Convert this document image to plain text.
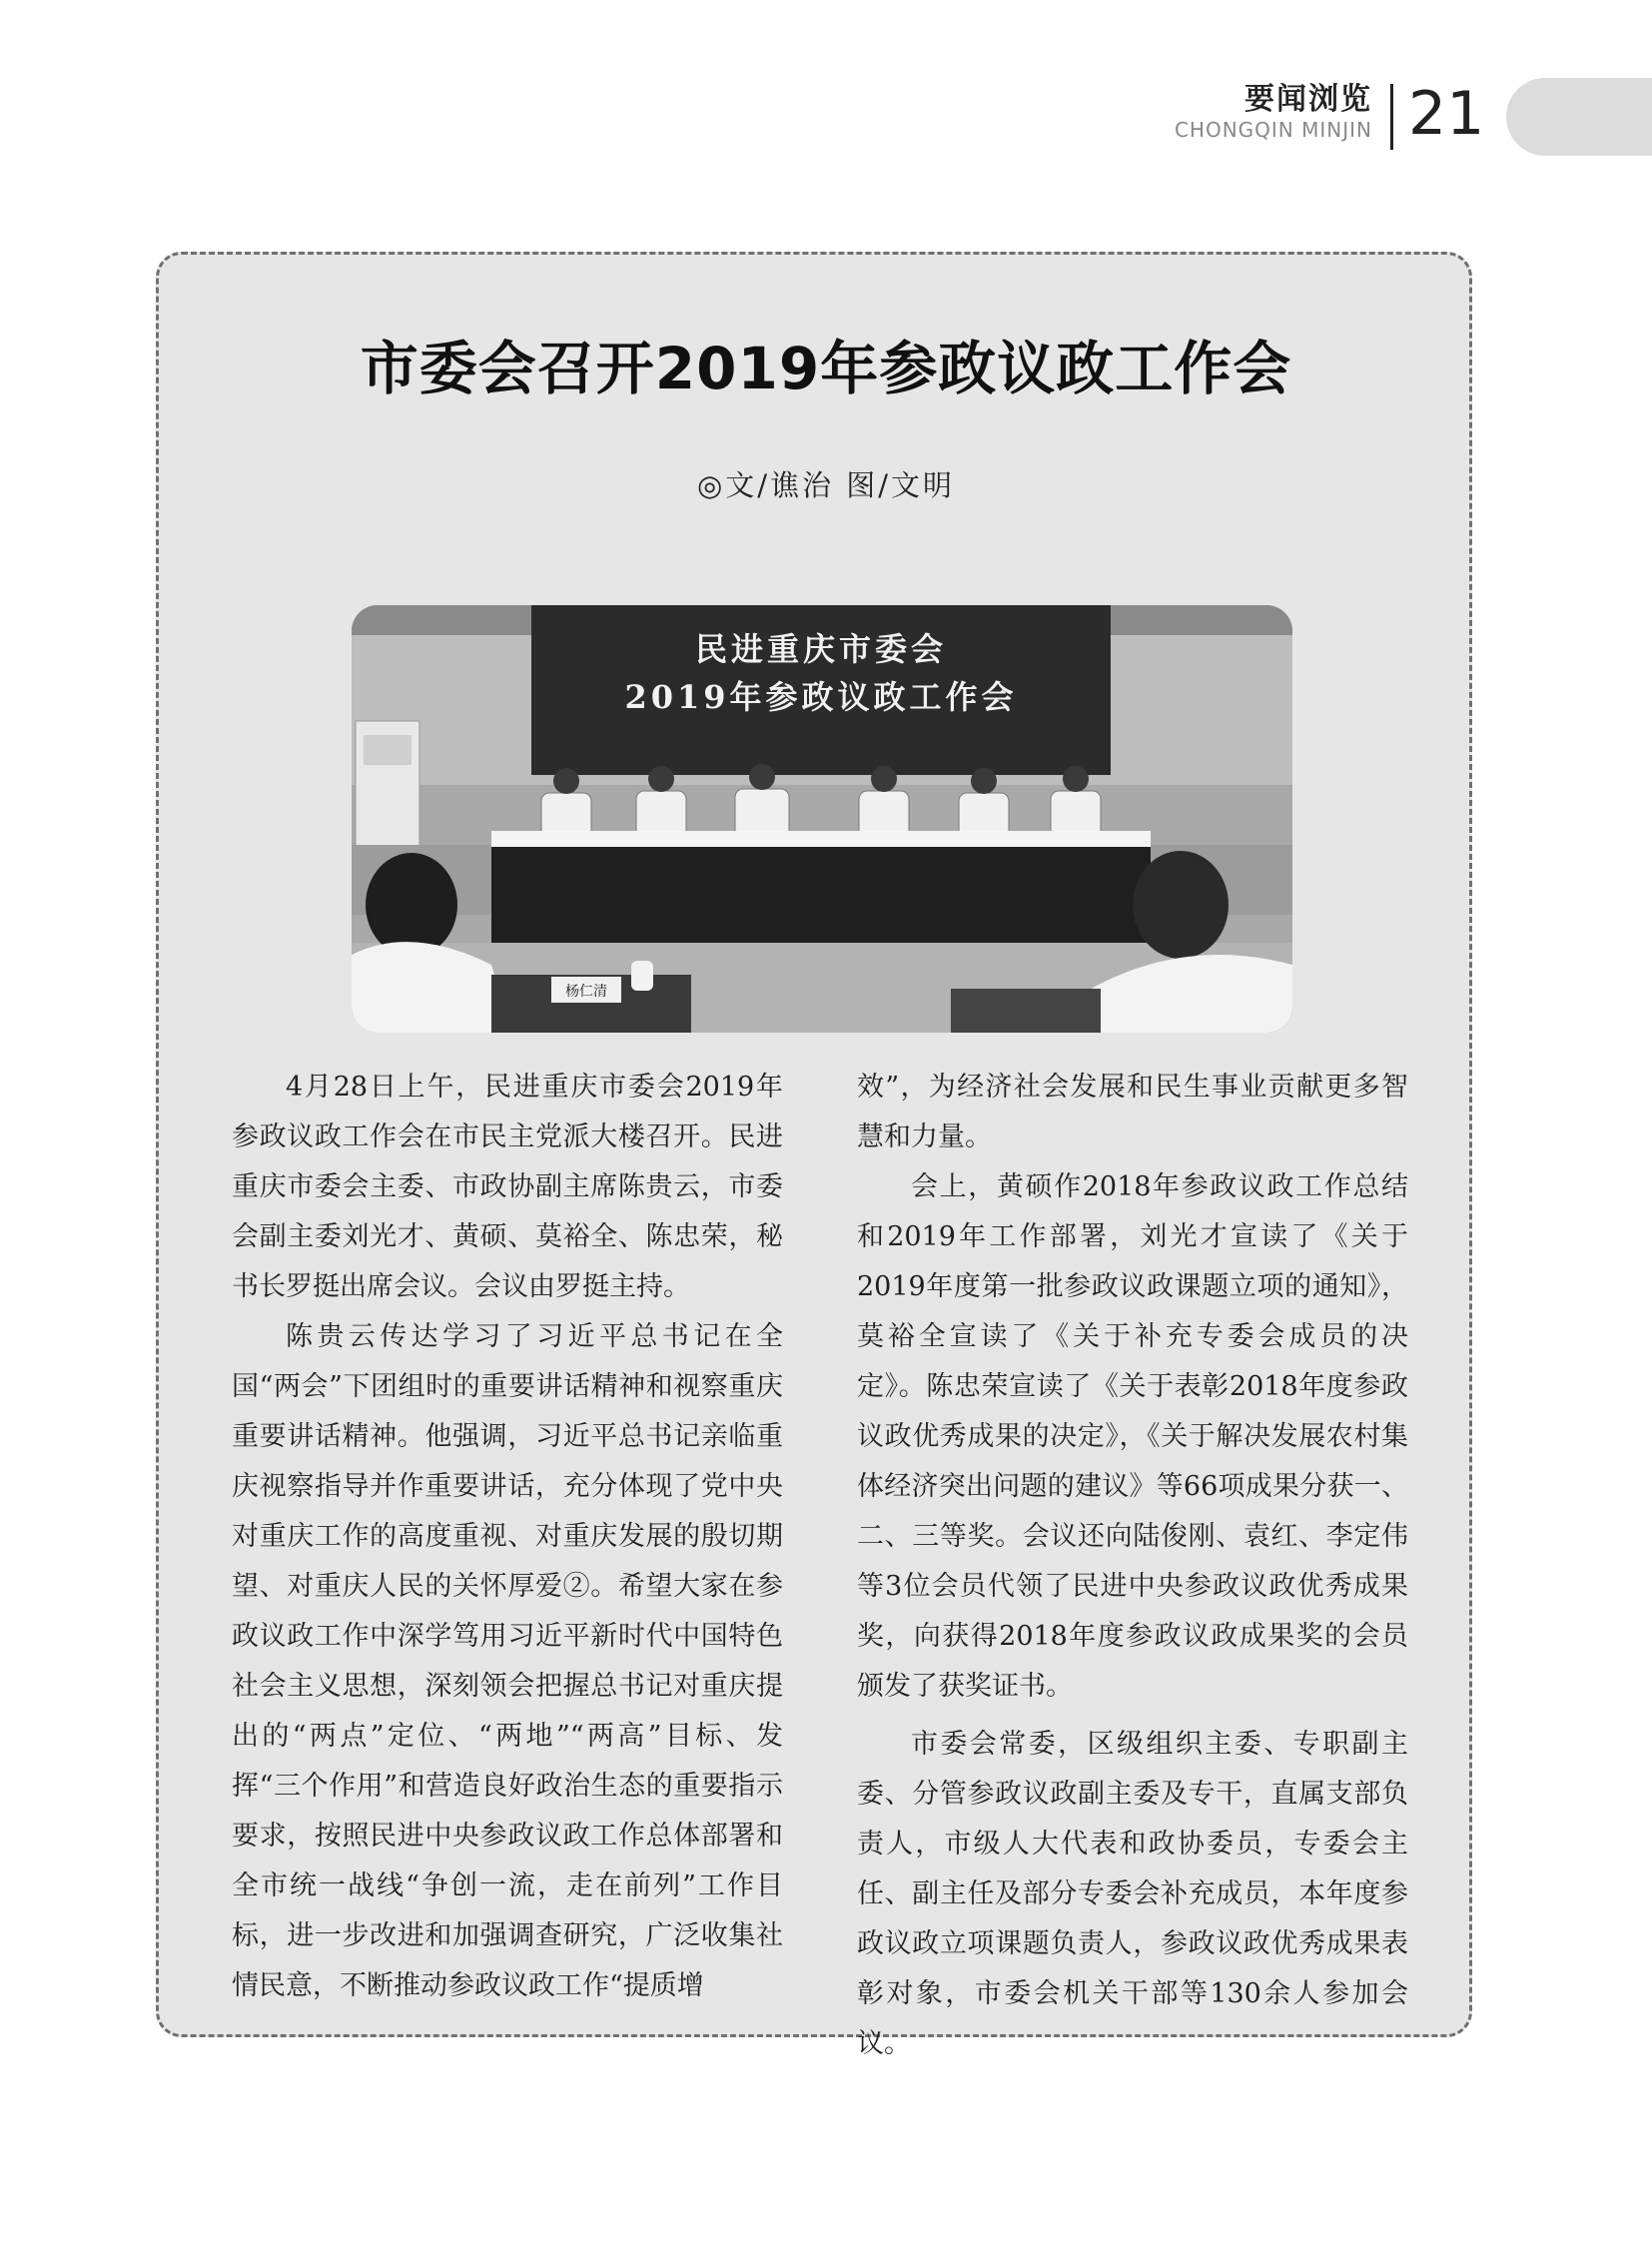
要闻浏览
CHONGQIN MINJIN 21
市委会召开2019年参政议政工作会
◎文/谯治 图/文明
民进重庆市委会
2019年参政议政工作会
杨仁清

4月28日上午，民进重庆市委会2019年参政议政工作会在市民主党派大楼召开。民进重庆市委会主委、市政协副主席陈贵云，市委会副主委刘光才、黄硕、莫裕全、陈忠荣，秘书长罗挺出席会议。会议由罗挺主持。

陈贵云传达学习了习近平总书记在全国“两会”下团组时的重要讲话精神和视察重庆重要讲话精神。他强调，习近平总书记亲临重庆视察指导并作重要讲话，充分体现了党中央对重庆工作的高度重视、对重庆发展的殷切期望、对重庆人民的关怀厚爱②。希望大家在参政议政工作中深学笃用习近平新时代中国特色社会主义思想，深刻领会把握总书记对重庆提出的“两点”定位、“两地”“两高”目标、发挥“三个作用”和营造良好政治生态的重要指示要求，按照民进中央参政议政工作总体部署和全市统一战线“争创一流，走在前列”工作目标，进一步改进和加强调查研究，广泛收集社情民意，不断推动参政议政工作“提质增

效”，为经济社会发展和民生事业贡献更多智慧和力量。

会上，黄硕作2018年参政议政工作总结和2019年工作部署，刘光才宣读了《关于2019年度第一批参政议政课题立项的通知》，莫裕全宣读了《关于补充专委会成员的决定》。陈忠荣宣读了《关于表彰2018年度参政议政优秀成果的决定》，《关于解决发展农村集体经济突出问题的建议》等66项成果分获一、二、三等奖。会议还向陆俊刚、袁红、李定伟等3位会员代领了民进中央参政议政优秀成果奖，向获得2018年度参政议政成果奖的会员颁发了获奖证书。

市委会常委，区级组织主委、专职副主委、分管参政议政副主委及专干，直属支部负责人，市级人大代表和政协委员，专委会主任、副主任及部分专委会补充成员，本年度参政议政立项课题负责人，参政议政优秀成果表彰对象，市委会机关干部等130余人参加会议。
